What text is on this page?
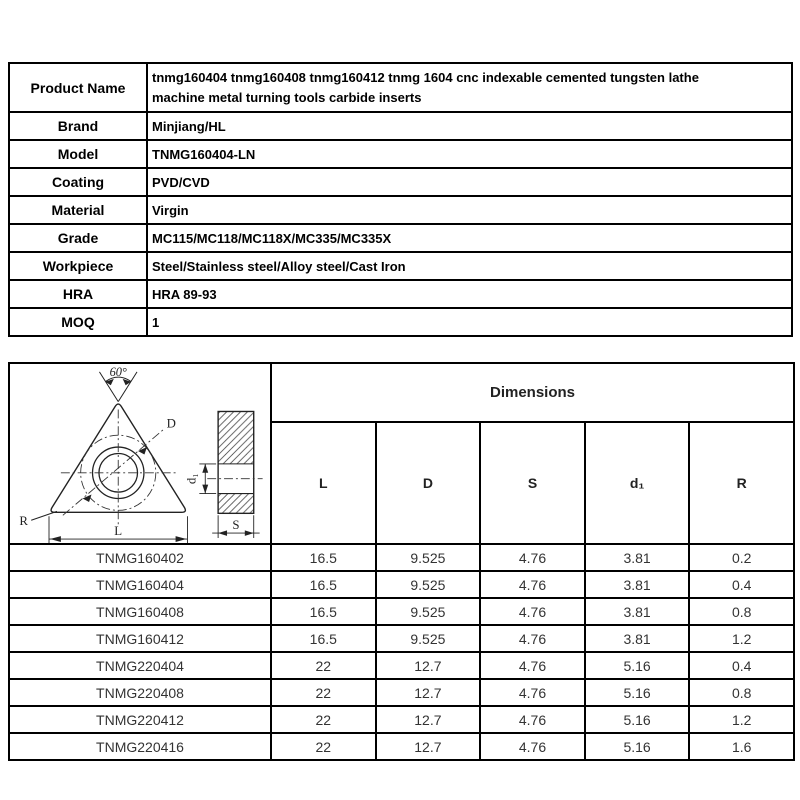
Product Name	tnmg160404 tnmg160408 tnmg160412 tnmg 1604 cnc indexable cemented tungsten lathe machine metal turning tools carbide inserts

Brand	Minjiang/HL
Model	TNMG160404-LN
Coating	PVD/CVD
Material	Virgin
Grade	MC115/MC118/MC118X/MC335/MC335X
Workpiece	Steel/Stainless steel/Alloy steel/Cast Iron
HRA	HRA 89-93
MOQ	1
60°
D
R
L
d₁
S
	Dimensions
	L	D	S	d₁	R
TNMG160402	16.5	9.525	4.76	3.81	0.2
TNMG160404	16.5	9.525	4.76	3.81	0.4
TNMG160408	16.5	9.525	4.76	3.81	0.8
TNMG160412	16.5	9.525	4.76	3.81	1.2
TNMG220404	22	12.7	4.76	5.16	0.4
TNMG220408	22	12.7	4.76	5.16	0.8
TNMG220412	22	12.7	4.76	5.16	1.2
TNMG220416	22	12.7	4.76	5.16	1.6
